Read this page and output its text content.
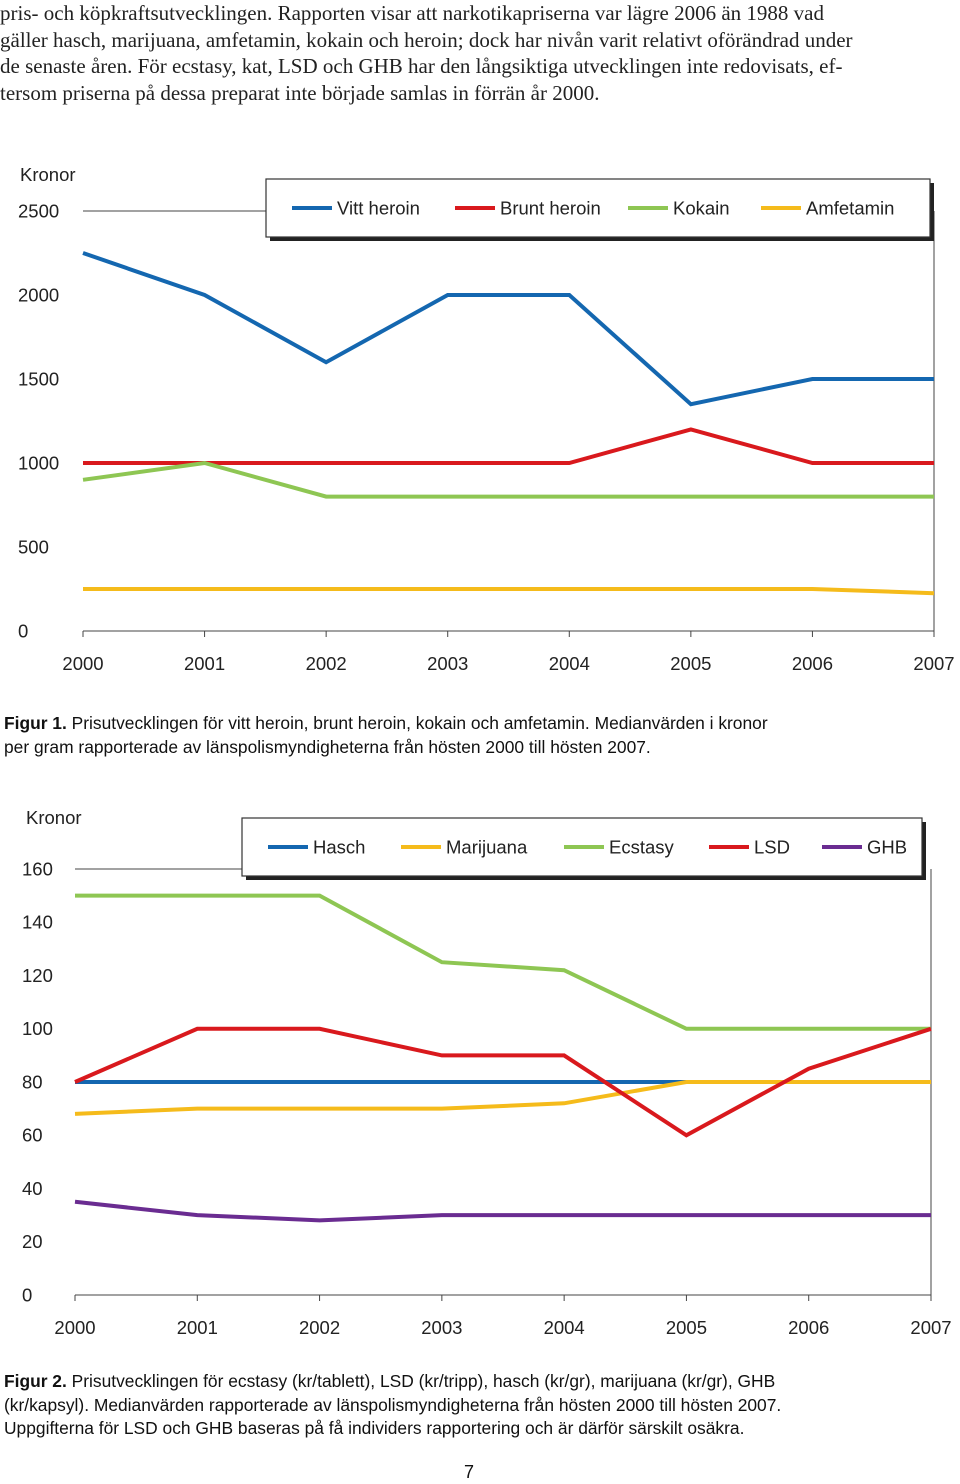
pris- och köpkraftsutvecklingen. Rapporten visar att narkotikapriserna var lägre 2006 än 1988 vad
gäller hasch, marijuana, amfetamin, kokain och heroin; dock har nivån varit relativt oförändrad under
de senaste åren. För ecstasy, kat, LSD och GHB har den långsiktiga utvecklingen inte redovisats, ef-
tersom priserna på dessa preparat inte började samlas in förrän år 2000.
Kronor
0
500
1000
1500
2000
2500
2000	2001	2002	2003	2004	2005	2006	2007
Vitt heroin	Brunt heroin	Kokain	Amfetamin
Figur 1. Prisutvecklingen för vitt heroin, brunt heroin, kokain och amfetamin. Medianvärden i kronor
per gram rapporterade av länspolismyndigheterna från hösten 2000 till hösten 2007.
Kronor
0
20
40
60
80
100
120
140
160
2000	2001	2002	2003	2004	2005	2006	2007
Hasch	Marijuana	Ecstasy	LSD	GHB
Figur 2. Prisutvecklingen för ecstasy (kr/tablett), LSD (kr/tripp), hasch (kr/gr), marijuana (kr/gr), GHB
(kr/kapsyl). Medianvärden rapporterade av länspolismyndigheterna från hösten 2000 till hösten 2007.
Uppgifterna för LSD och GHB baseras på få individers rapportering och är därför särskilt osäkra.
7
